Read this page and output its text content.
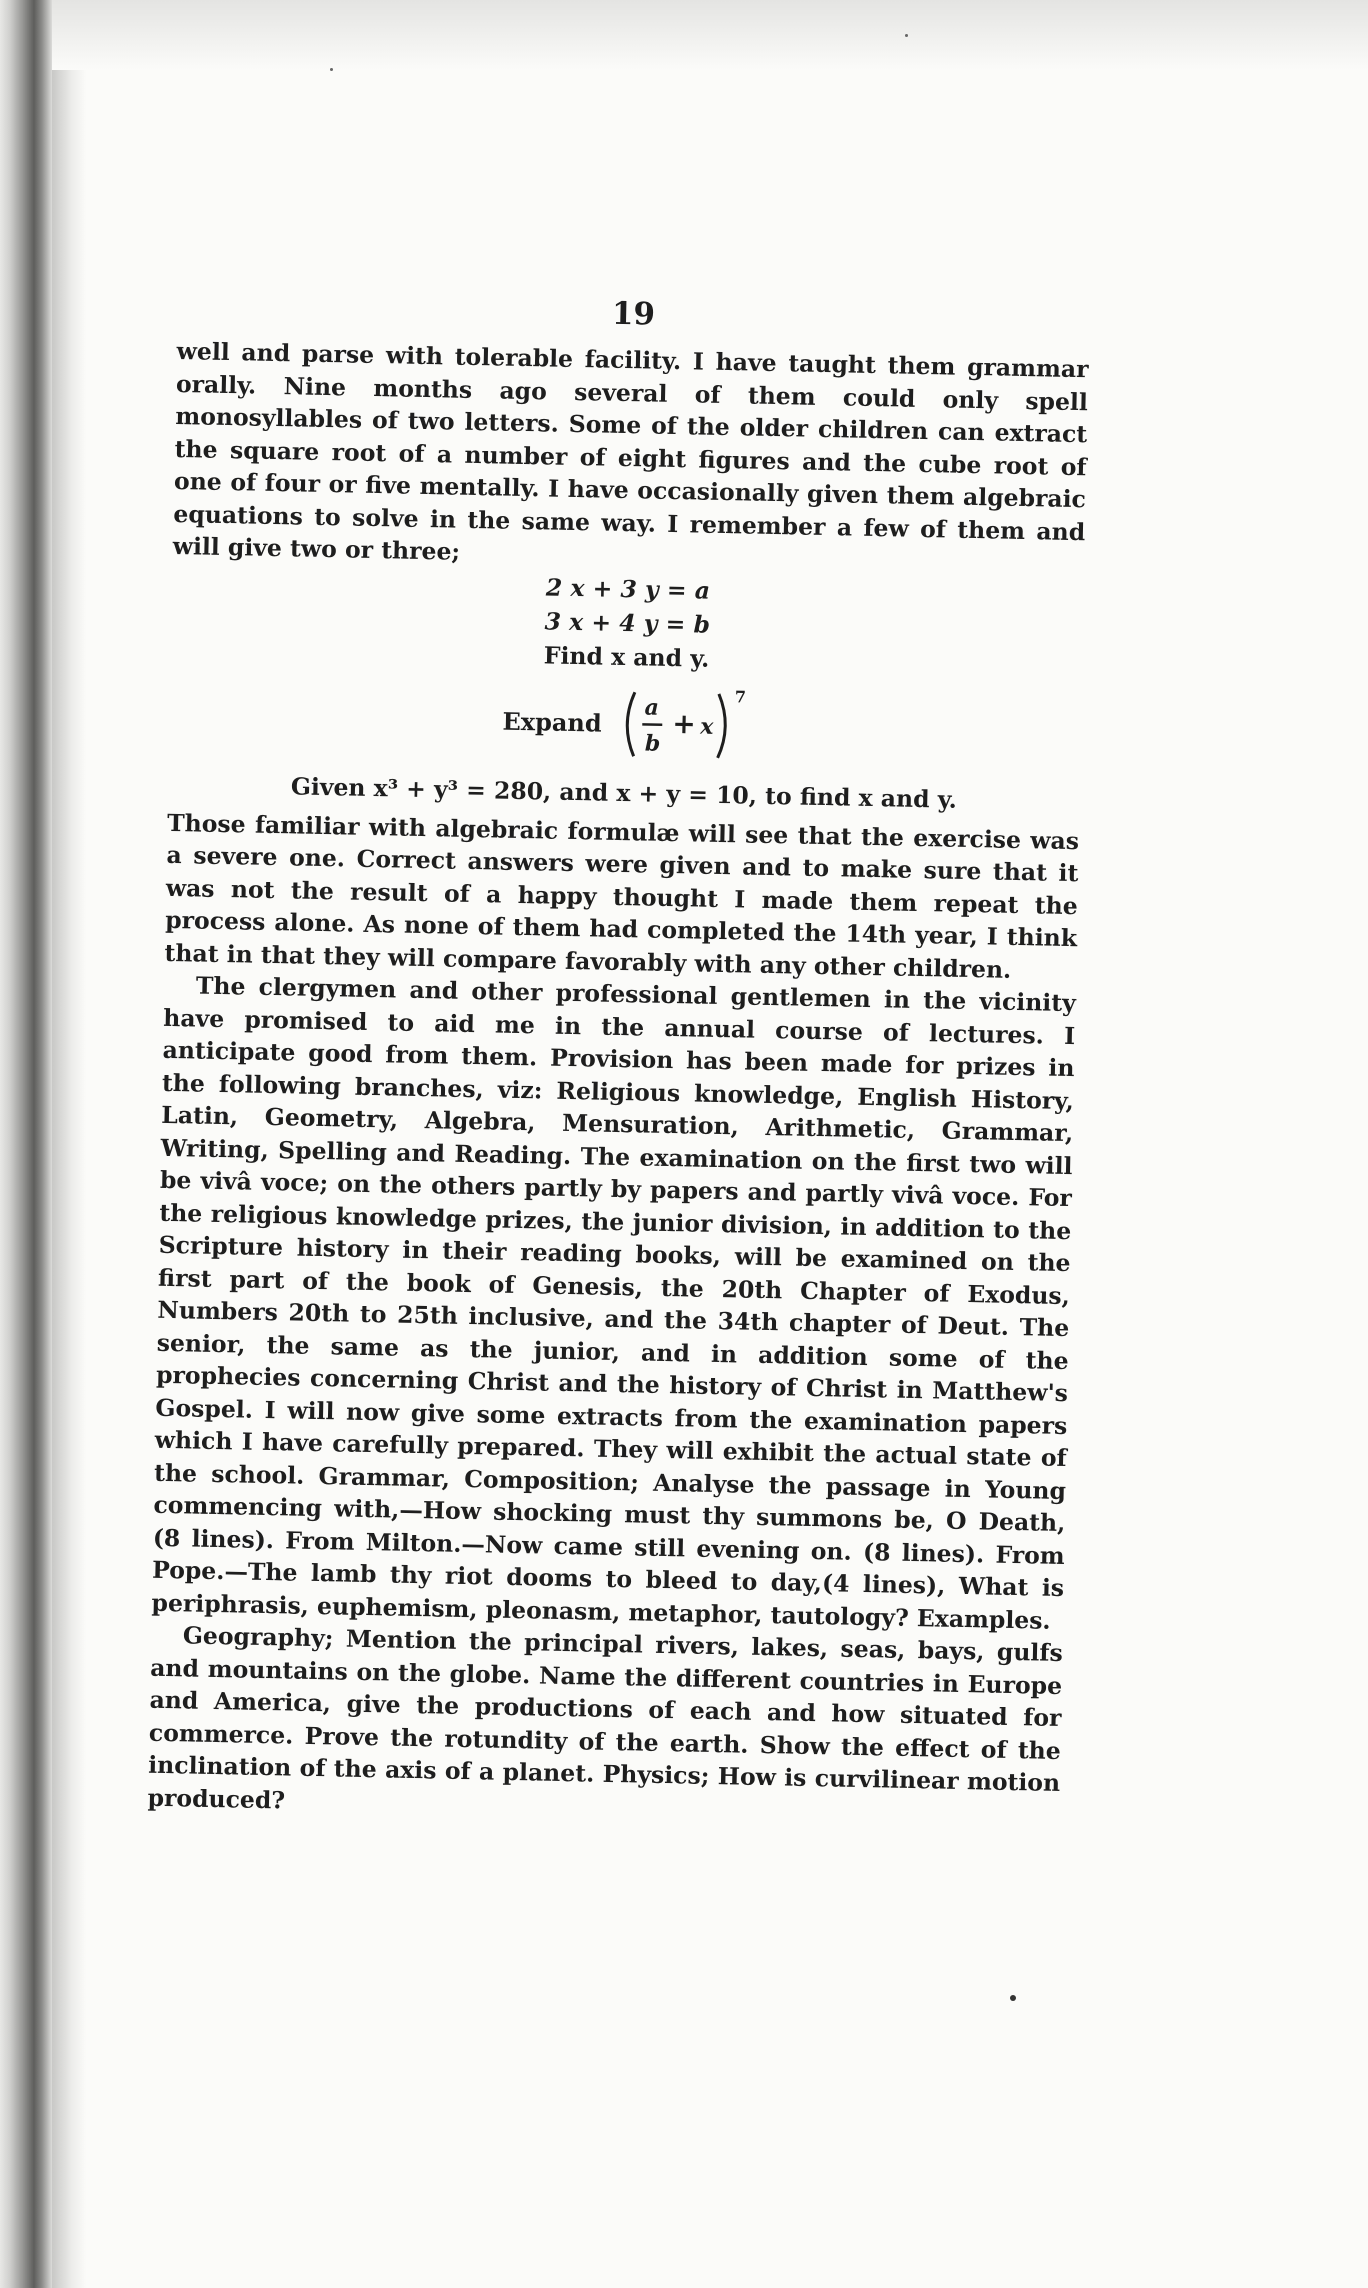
19

well and parse with tolerable facility. I have taught them grammar orally. Nine months ago several of them could only spell monosyllables of two letters. Some of the older children can extract the square root of a number of eight figures and the cube root of one of four or five mentally. I have occasionally given them algebraic equations to solve in the same way. I remember a few of them and will give two or three;

2 x + 3 y = a
3 x + 4 y = b
Find x and y.
Expand a
b
+ x
7
Given x³ + y³ = 280, and x + y = 10, to find x and y.

Those familiar with algebraic formulæ will see that the exercise was a severe one. Correct answers were given and to make sure that it was not the result of a happy thought I made them repeat the process alone. As none of them had completed the 14th year, I think that in that they will compare favorably with any other children.

The clergymen and other professional gentlemen in the vicinity have promised to aid me in the annual course of lectures. I anticipate good from them. Provision has been made for prizes in the following branches, viz: Religious knowledge, English History, Latin, Geometry, Algebra, Mensuration, Arithmetic, Grammar, Writing, Spelling and Reading. The examination on the first two will be vivâ voce; on the others partly by papers and partly vivâ voce. For the religious knowledge prizes, the junior division, in addition to the Scripture history in their reading books, will be examined on the first part of the book of Genesis, the 20th Chapter of Exodus, Numbers 20th to 25th inclusive, and the 34th chapter of Deut. The senior, the same as the junior, and in addition some of the prophecies concerning Christ and the history of Christ in Matthew's Gospel. I will now give some extracts from the examination papers which I have carefully prepared. They will exhibit the actual state of the school. Grammar, Composition; Analyse the passage in Young commencing with,—How shocking must thy summons be, O Death, (8 lines). From Milton.—Now came still evening on. (8 lines). From Pope.—The lamb thy riot dooms to bleed to day,(4 lines), What is periphrasis, euphemism, pleonasm, metaphor, tautology? Examples.

Geography; Mention the principal rivers, lakes, seas, bays, gulfs and mountains on the globe. Name the different countries in Europe and America, give the productions of each and how situated for commerce. Prove the rotundity of the earth. Show the effect of the inclination of the axis of a planet. Physics; How is curvilinear motion produced?
